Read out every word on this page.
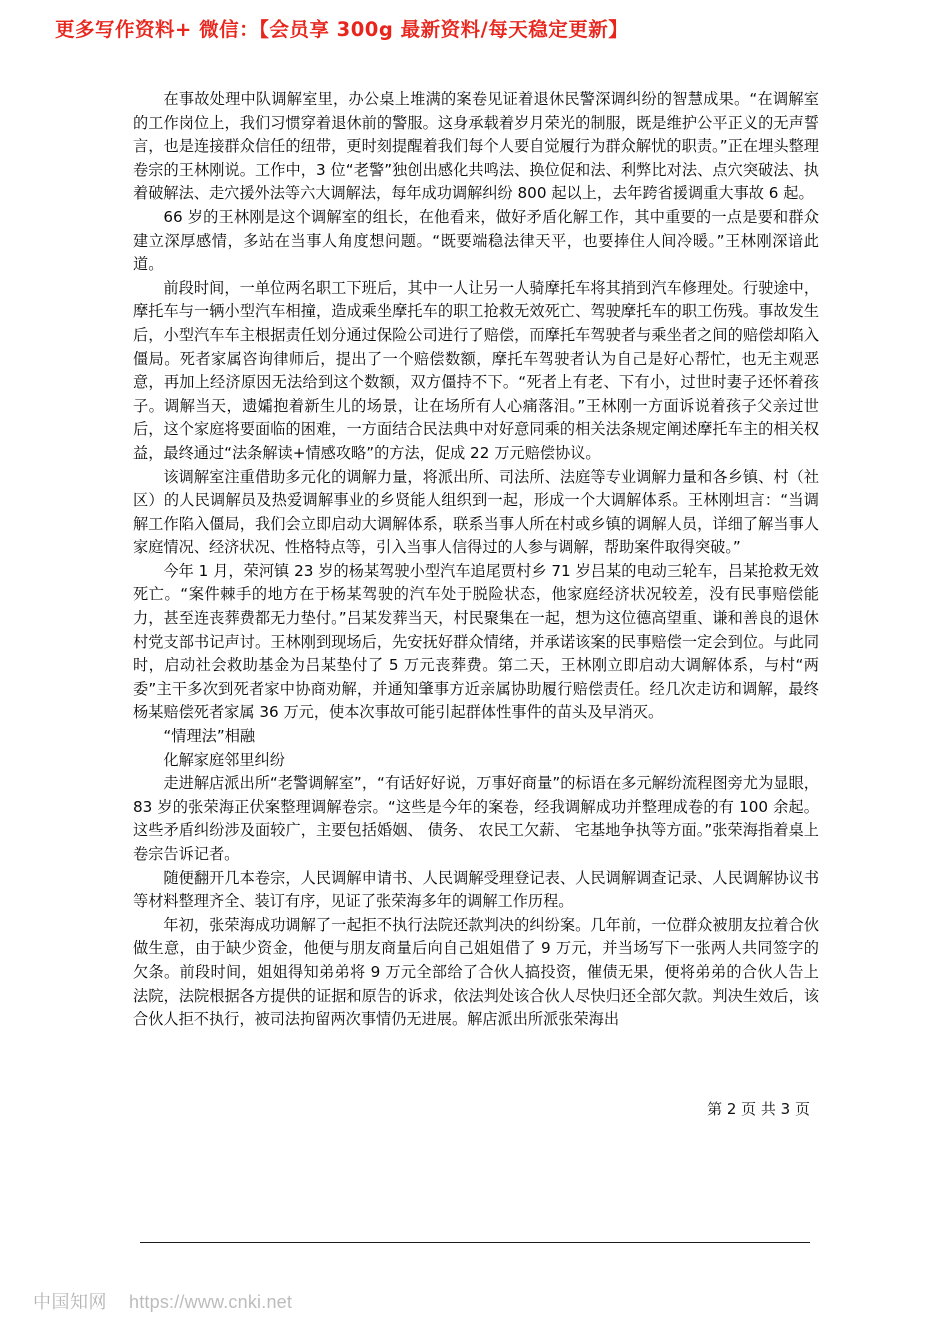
更多写作资料+ 微信：【会员享 300g 最新资料/每天稳定更新】

在事故处理中队调解室里，办公桌上堆满的案卷见证着退休民警深调纠纷的智慧成果。“在调解室的工作岗位上，我们习惯穿着退休前的警服。这身承载着岁月荣光的制服，既是维护公平正义的无声誓言，也是连接群众信任的纽带，更时刻提醒着我们每个人要自觉履行为群众解忧的职责。”正在埋头整理卷宗的王林刚说。工作中，3 位“老警”独创出感化共鸣法、换位促和法、利弊比对法、点穴突破法、执着破解法、走穴援外法等六大调解法，每年成功调解纠纷 800 起以上，去年跨省援调重大事故 6 起。

66 岁的王林刚是这个调解室的组长，在他看来，做好矛盾化解工作，其中重要的一点是要和群众建立深厚感情，多站在当事人角度想问题。“既要端稳法律天平，也要捧住人间冷暖。”王林刚深谙此道。

前段时间，一单位两名职工下班后，其中一人让另一人骑摩托车将其捎到汽车修理处。行驶途中，摩托车与一辆小型汽车相撞，造成乘坐摩托车的职工抢救无效死亡、驾驶摩托车的职工伤残。事故发生后，小型汽车车主根据责任划分通过保险公司进行了赔偿，而摩托车驾驶者与乘坐者之间的赔偿却陷入僵局。死者家属咨询律师后，提出了一个赔偿数额，摩托车驾驶者认为自己是好心帮忙，也无主观恶意，再加上经济原因无法给到这个数额，双方僵持不下。“死者上有老、下有小，过世时妻子还怀着孩子。调解当天，遗孀抱着新生儿的场景，让在场所有人心痛落泪。”王林刚一方面诉说着孩子父亲过世后，这个家庭将要面临的困难，一方面结合民法典中对好意同乘的相关法条规定阐述摩托车主的相关权益，最终通过“法条解读+情感攻略”的方法，促成 22 万元赔偿协议。

该调解室注重借助多元化的调解力量，将派出所、司法所、法庭等专业调解力量和各乡镇、村（社区）的人民调解员及热爱调解事业的乡贤能人组织到一起，形成一个大调解体系。王林刚坦言：“当调解工作陷入僵局，我们会立即启动大调解体系，联系当事人所在村或乡镇的调解人员，详细了解当事人家庭情况、经济状况、性格特点等，引入当事人信得过的人参与调解，帮助案件取得突破。”

今年 1 月，荣河镇 23 岁的杨某驾驶小型汽车追尾贾村乡 71 岁吕某的电动三轮车，吕某抢救无效死亡。“案件棘手的地方在于杨某驾驶的汽车处于脱险状态，他家庭经济状况较差，没有民事赔偿能力，甚至连丧葬费都无力垫付。”吕某发葬当天，村民聚集在一起，想为这位德高望重、谦和善良的退休村党支部书记声讨。王林刚到现场后，先安抚好群众情绪，并承诺该案的民事赔偿一定会到位。与此同时，启动社会救助基金为吕某垫付了 5 万元丧葬费。第二天，王林刚立即启动大调解体系，与村“两委”主干多次到死者家中协商劝解，并通知肇事方近亲属协助履行赔偿责任。经几次走访和调解，最终杨某赔偿死者家属 36 万元，使本次事故可能引起群体性事件的苗头及早消灭。

“情理法”相融

化解家庭邻里纠纷

走进解店派出所“老警调解室”，“有话好好说，万事好商量”的标语在多元解纷流程图旁尤为显眼，83 岁的张荣海正伏案整理调解卷宗。“这些是今年的案卷，经我调解成功并整理成卷的有 100 余起。 这些矛盾纠纷涉及面较广，主要包括婚姻、 债务、 农民工欠薪、 宅基地争执等方面。”张荣海指着桌上卷宗告诉记者。

随便翻开几本卷宗，人民调解申请书、人民调解受理登记表、人民调解调查记录、人民调解协议书等材料整理齐全、装订有序，见证了张荣海多年的调解工作历程。

年初，张荣海成功调解了一起拒不执行法院还款判决的纠纷案。几年前，一位群众被朋友拉着合伙做生意，由于缺少资金，他便与朋友商量后向自己姐姐借了 9 万元，并当场写下一张两人共同签字的欠条。前段时间，姐姐得知弟弟将 9 万元全部给了合伙人搞投资，催债无果，便将弟弟的合伙人告上法院，法院根据各方提供的证据和原告的诉求，依法判处该合伙人尽快归还全部欠款。判决生效后，该合伙人拒不执行，被司法拘留两次事情仍无进展。解店派出所派张荣海出

第 2 页 共 3 页
中国知网 https://www.cnki.net
